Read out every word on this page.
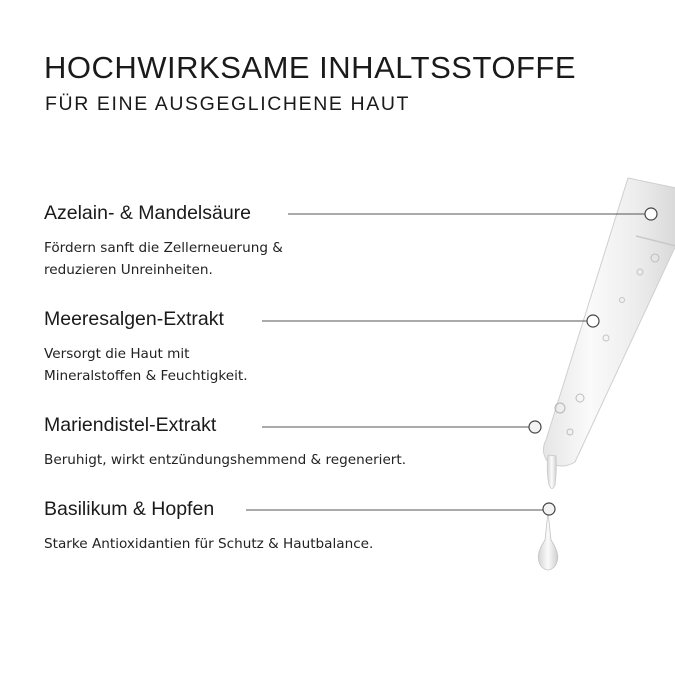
HOCHWIRKSAME INHALTSSTOFFE
FÜR EINE AUSGEGLICHENE HAUT
Azelain- & Mandelsäure
Fördern sanft die Zellerneuerung &
reduzieren Unreinheiten.
Meeresalgen-Extrakt
Versorgt die Haut mit
Mineralstoffen & Feuchtigkeit.
Mariendistel-Extrakt
Beruhigt, wirkt entzündungshemmend & regeneriert.
Basilikum & Hopfen
Starke Antioxidantien für Schutz & Hautbalance.
